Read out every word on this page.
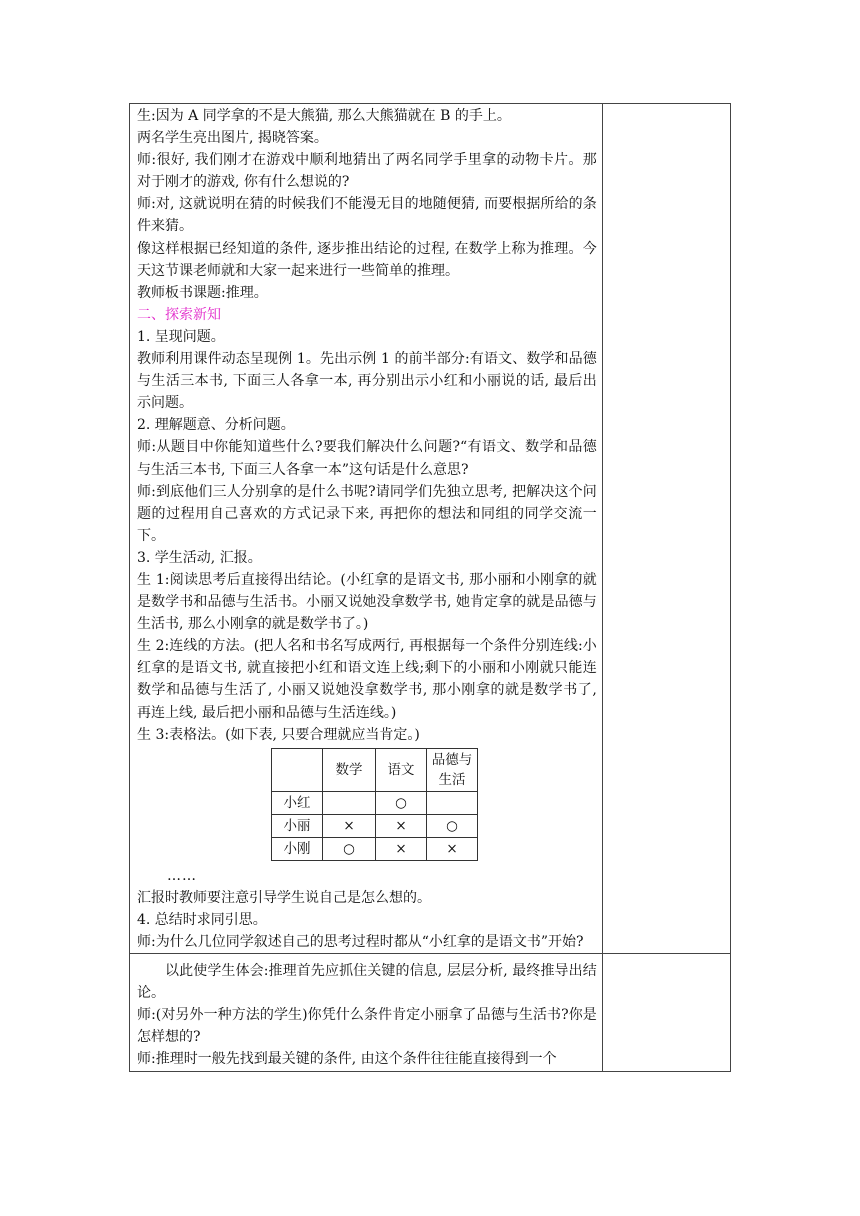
生:因为 A 同学拿的不是大熊猫, 那么大熊猫就在 B 的手上。

两名学生亮出图片, 揭晓答案。

师:很好, 我们刚才在游戏中顺利地猜出了两名同学手里拿的动物卡片。那对于刚才的游戏, 你有什么想说的?

师:对, 这就说明在猜的时候我们不能漫无目的地随便猜, 而要根据所给的条件来猜。

像这样根据已经知道的条件, 逐步推出结论的过程, 在数学上称为推理。今天这节课老师就和大家一起来进行一些简单的推理。

教师板书课题:推理。

二、探索新知

1. 呈现问题。

教师利用课件动态呈现例 1。先出示例 1 的前半部分:有语文、数学和品德与生活三本书, 下面三人各拿一本, 再分别出示小红和小丽说的话, 最后出示问题。

2. 理解题意、分析问题。

师:从题目中你能知道些什么?要我们解决什么问题?“有语文、数学和品德与生活三本书, 下面三人各拿一本”这句话是什么意思?

师:到底他们三人分别拿的是什么书呢?请同学们先独立思考, 把解决这个问题的过程用自己喜欢的方式记录下来, 再把你的想法和同组的同学交流一下。

3. 学生活动, 汇报。

生 1:阅读思考后直接得出结论。(小红拿的是语文书, 那小丽和小刚拿的就是数学书和品德与生活书。小丽又说她没拿数学书, 她肯定拿的就是品德与生活书, 那么小刚拿的就是数学书了。)

生 2:连线的方法。(把人名和书名写成两行, 再根据每一个条件分别连线:小红拿的是语文书, 就直接把小红和语文连上线;剩下的小丽和小刚就只能连数学和品德与生活了, 小丽又说她没拿数学书, 那小刚拿的就是数学书了, 再连上线, 最后把小丽和品德与生活连线。)

生 3:表格法。(如下表, 只要合理就应当肯定。)

	数学	语文	品德与生活
小红		○	
小丽	×	×	○
小刚	○	×	×

……

汇报时教师要注意引导学生说自己是怎么想的。

4. 总结时求同引思。

师:为什么几位同学叙述自己的思考过程时都从“小红拿的是语文书”开始?

以此使学生体会:推理首先应抓住关键的信息, 层层分析, 最终推导出结论。

师:(对另外一种方法的学生)你凭什么条件肯定小丽拿了品德与生活书?你是怎样想的?

师:推理时一般先找到最关键的条件, 由这个条件往往能直接得到一个
